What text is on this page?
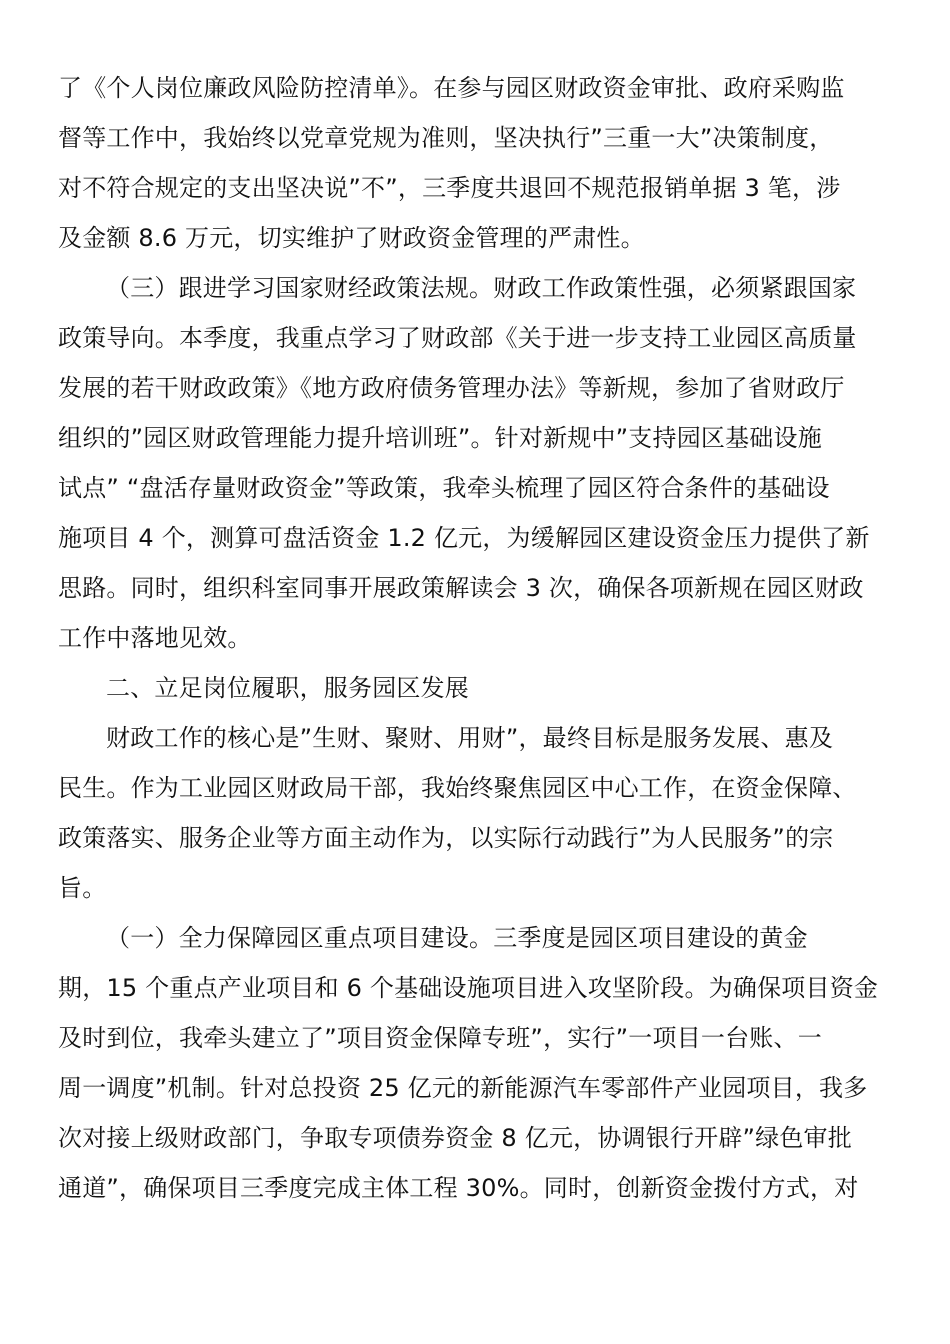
了《个人岗位廉政风险防控清单》。在参与园区财政资金审批、政府采购监
督等工作中，我始终以党章党规为准则，坚决执行”三重一大”决策制度，
对不符合规定的支出坚决说”不”，三季度共退回不规范报销单据 3 笔，涉
及金额 8.6 万元，切实维护了财政资金管理的严肃性。
（三）跟进学习国家财经政策法规。财政工作政策性强，必须紧跟国家
政策导向。本季度，我重点学习了财政部《关于进一步支持工业园区高质量
发展的若干财政政策》《地方政府债务管理办法》等新规，参加了省财政厅
组织的”园区财政管理能力提升培训班”。针对新规中”支持园区基础设施
试点” “盘活存量财政资金”等政策，我牵头梳理了园区符合条件的基础设
施项目 4 个，测算可盘活资金 1.2 亿元，为缓解园区建设资金压力提供了新
思路。同时，组织科室同事开展政策解读会 3 次，确保各项新规在园区财政
工作中落地见效。
二、立足岗位履职，服务园区发展
财政工作的核心是”生财、聚财、用财”，最终目标是服务发展、惠及
民生。作为工业园区财政局干部，我始终聚焦园区中心工作，在资金保障、
政策落实、服务企业等方面主动作为，以实际行动践行”为人民服务”的宗
旨。
（一）全力保障园区重点项目建设。三季度是园区项目建设的黄金
期，15 个重点产业项目和 6 个基础设施项目进入攻坚阶段。为确保项目资金
及时到位，我牵头建立了”项目资金保障专班”，实行”一项目一台账、一
周一调度”机制。针对总投资 25 亿元的新能源汽车零部件产业园项目，我多
次对接上级财政部门，争取专项债券资金 8 亿元，协调银行开辟”绿色审批
通道”，确保项目三季度完成主体工程 30%。同时，创新资金拨付方式，对
